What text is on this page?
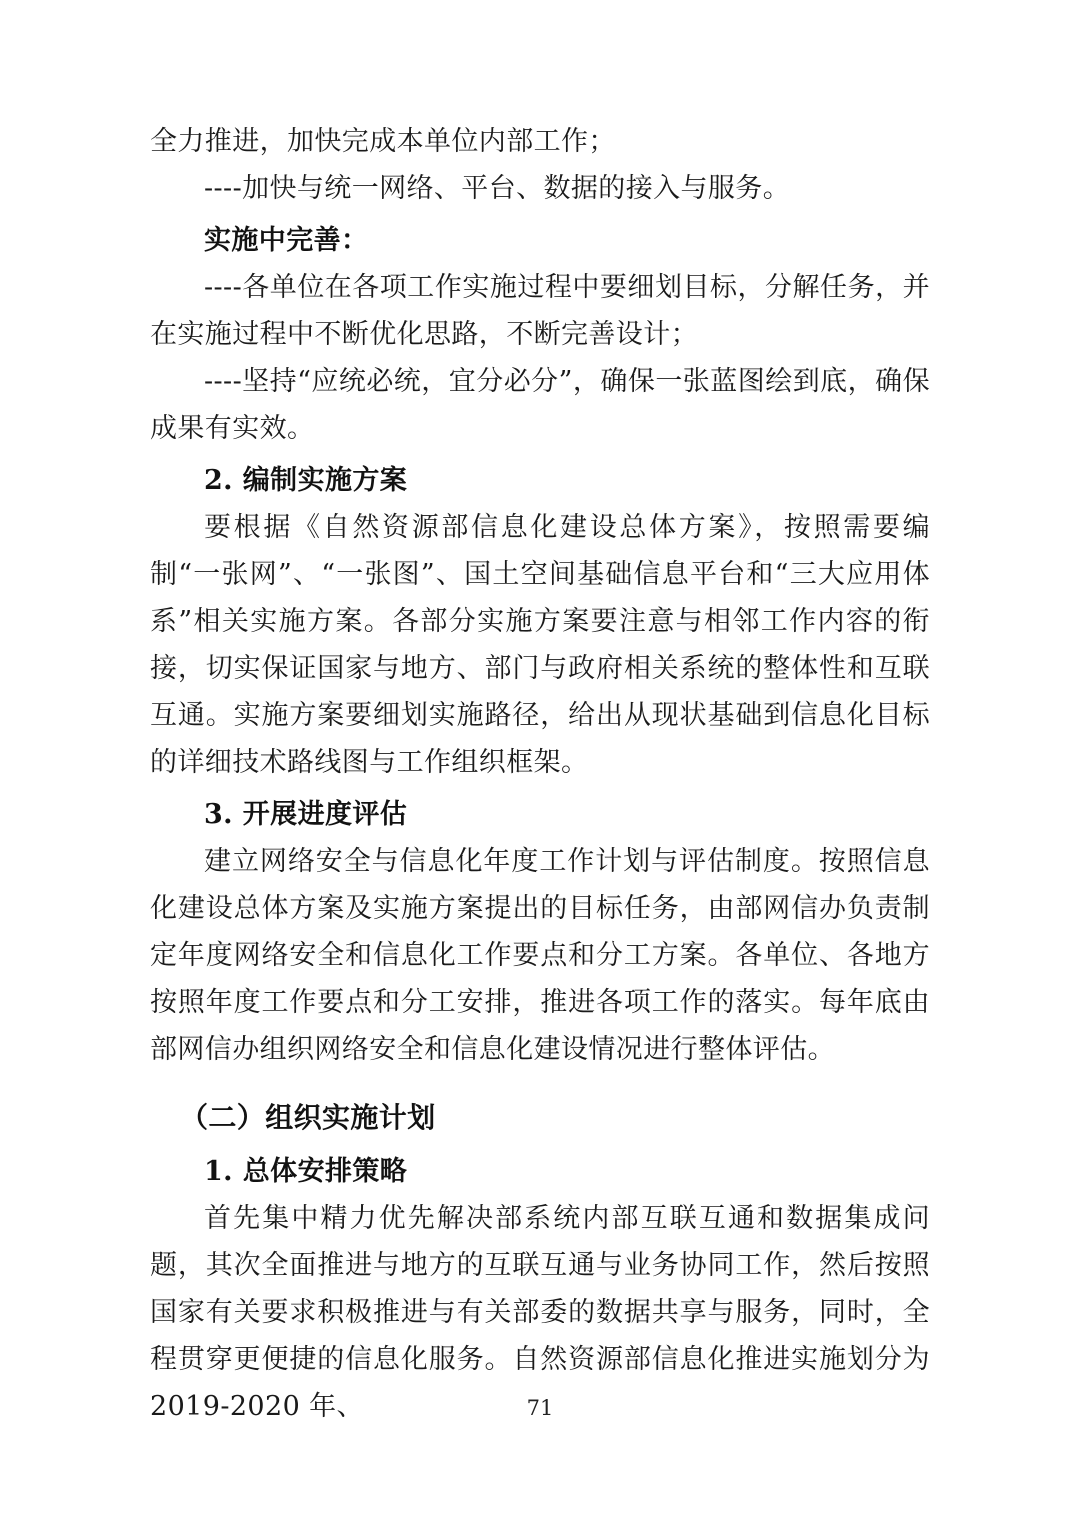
全力推进，加快完成本单位内部工作；

----加快与统一网络、平台、数据的接入与服务。

实施中完善：

----各单位在各项工作实施过程中要细划目标，分解任务，并在实施过程中不断优化思路，不断完善设计；

----坚持“应统必统，宜分必分”，确保一张蓝图绘到底，确保成果有实效。

2. 编制实施方案

要根据《自然资源部信息化建设总体方案》，按照需要编制“一张网”、“一张图”、国土空间基础信息平台和“三大应用体系”相关实施方案。各部分实施方案要注意与相邻工作内容的衔接，切实保证国家与地方、部门与政府相关系统的整体性和互联互通。实施方案要细划实施路径，给出从现状基础到信息化目标的详细技术路线图与工作组织框架。

3. 开展进度评估

建立网络安全与信息化年度工作计划与评估制度。按照信息化建设总体方案及实施方案提出的目标任务，由部网信办负责制定年度网络安全和信息化工作要点和分工方案。各单位、各地方按照年度工作要点和分工安排，推进各项工作的落实。每年底由部网信办组织网络安全和信息化建设情况进行整体评估。

（二）组织实施计划

1. 总体安排策略

首先集中精力优先解决部系统内部互联互通和数据集成问题，其次全面推进与地方的互联互通与业务协同工作，然后按照国家有关要求积极推进与有关部委的数据共享与服务，同时，全程贯穿更便捷的信息化服务。自然资源部信息化推进实施划分为 2019-2020 年、	71
